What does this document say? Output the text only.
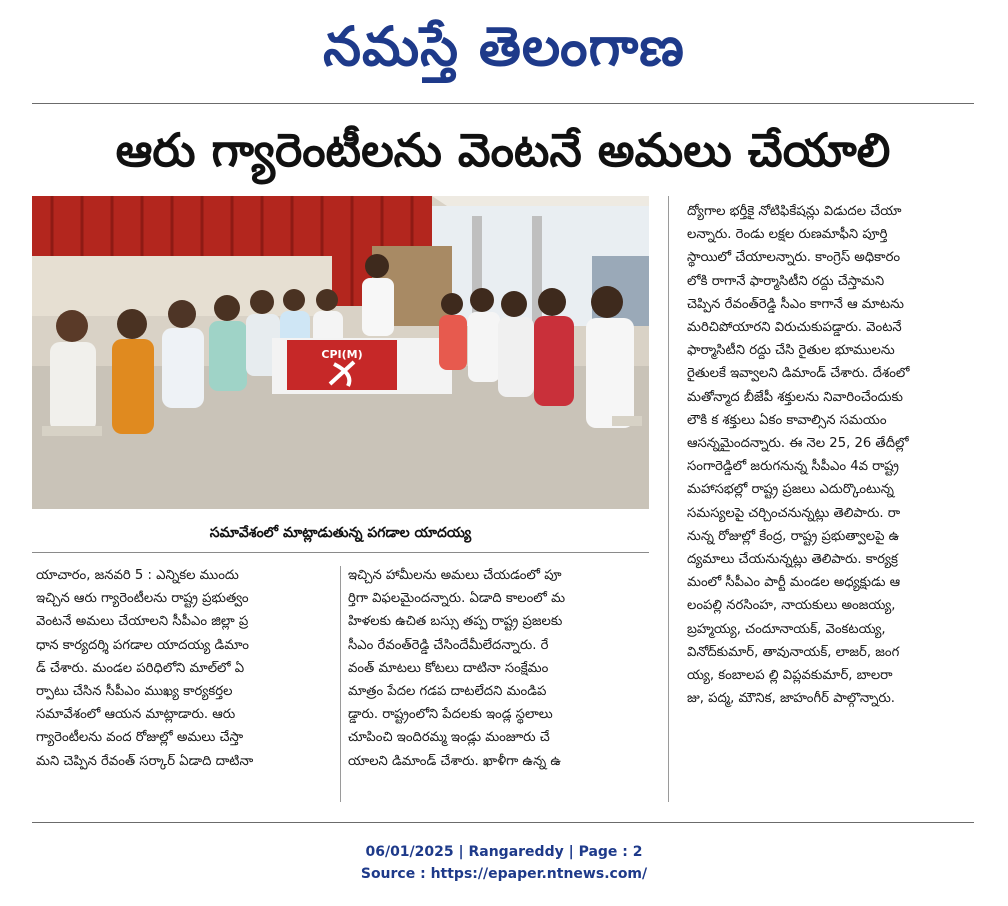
నమస్తే తెలంగాణ
ఆరు గ్యారెంటీలను వెంటనే అమలు చేయాలి
CPI(M)
సమావేశంలో మాట్లాడుతున్న పగడాల యాదయ్య

యాచారం, జనవరి 5 : ఎన్నికల ముందు

ఇచ్చిన ఆరు గ్యారెంటీలను రాష్ట్ర ప్రభుత్వం

వెంటనే అమలు చేయాలని సీపీఎం జిల్లా ప్ర

ధాన కార్యదర్శి పగడాల యాదయ్య డిమాం

డ్ చేశారు. మండల పరిధిలోని మాల్‌లో ఏ

ర్పాటు చేసిన సీపీఎం ముఖ్య కార్యకర్తల

సమావేశంలో ఆయన మాట్లాడారు. ఆరు

గ్యారెంటీలను వంద రోజుల్లో అమలు చేస్తా

మని చెప్పిన రేవంత్ సర్కార్ ఏడాది దాటినా

ఇచ్చిన హామీలను అమలు చేయడంలో పూ

ర్తిగా విఫలమైందన్నారు. ఏడాది కాలంలో మ

హిళలకు ఉచిత బస్సు తప్ప రాష్ట్ర ప్రజలకు

సీఎం రేవంత్‌రెడ్డి చేసిందేమీలేదన్నారు. రే

వంత్ మాటలు కోటలు దాటినా సంక్షేమం

మాత్రం పేదల గడప దాటలేదని మండిప

డ్డారు. రాష్ట్రంలోని పేదలకు ఇండ్ల స్థలాలు

చూపించి ఇందిరమ్మ ఇండ్లు మంజూరు చే

యాలని డిమాండ్ చేశారు. ఖాళీగా ఉన్న ఉ

ద్యోగాల భర్తీకై నోటిఫికేషన్లు విడుదల చేయా

లన్నారు. రెండు లక్షల రుణమాఫీని పూర్తి

స్థాయిలో చేయాలన్నారు. కాంగ్రెస్ అధికారం

లోకి రాగానే ఫార్మాసిటీని రద్దు చేస్తామని

చెప్పిన రేవంత్‌రెడ్డి సీఎం కాగానే ఆ మాటను

మరిచిపోయారని విరుచుకుపడ్డారు. వెంటనే

ఫార్మాసిటీని రద్దు చేసి రైతుల భూములను

రైతులకే ఇవ్వాలని డిమాండ్ చేశారు. దేశంలో

మతోన్మాద బీజేపీ శక్తులను నివారించేందుకు

లౌకి క శక్తులు ఏకం కావాల్సిన సమయం

ఆసన్నమైందన్నారు. ఈ నెల 25, 26 తేదీల్లో

సంగారెడ్డిలో జరుగనున్న సీపీఎం 4వ రాష్ట్ర

మహాసభల్లో రాష్ట్ర ప్రజలు ఎదుర్కొంటున్న

సమస్యలపై చర్చించనున్నట్లు తెలిపారు. రా

నున్న రోజుల్లో కేంద్ర, రాష్ట్ర ప్రభుత్వాలపై ఉ

ద్యమాలు చేయనున్నట్లు తెలిపారు. కార్యక్ర

మంలో సీపీఎం పార్టీ మండల అధ్యక్షుడు ఆ

లంపల్లి నరసింహ, నాయకులు అంజయ్య,

బ్రహ్మయ్య, చందూనాయక్, వెంకటయ్య,

వినోద్‌కుమార్, తావునాయక్, లాజర్, జంగ

య్య, కంబాలప ల్లి విప్లవకుమార్, బాలరా

జు, పద్మ, మౌనిక, జాహంగీర్ పాల్గొన్నారు.

06/01/2025 | Rangareddy | Page : 2
Source : https://epaper.ntnews.com/
